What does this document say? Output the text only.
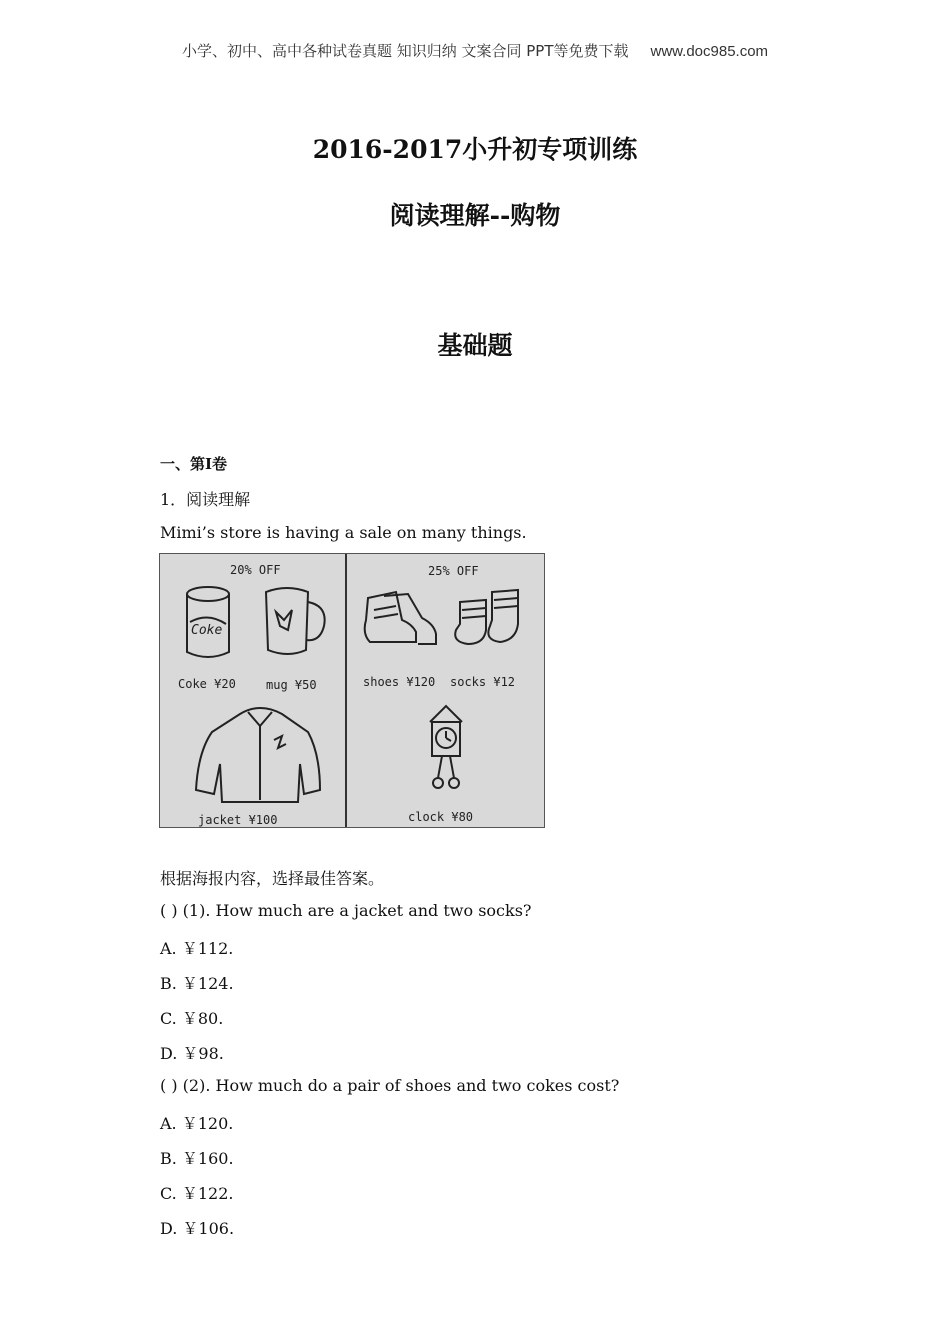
小学、初中、高中各种试卷真题 知识归纳 文案合同 PPT等免费下载 www.doc985.com
2016-2017小升初专项训练
阅读理解--购物
基础题
一、第I卷
1．阅读理解
Mimi’s store is having a sale on many things.
20% OFF	25% OFF
Coke
Coke ¥20	mug ¥50	shoes ¥120 socks ¥12
jacket ¥100	clock ¥80
根据海报内容，选择最佳答案。
( ) (1). How much are a jacket and two socks?
A. ￥112.
B. ￥124.
C. ￥80.
D. ￥98.
( ) (2). How much do a pair of shoes and two cokes cost?
A. ￥120.
B. ￥160.
C. ￥122.
D. ￥106.
